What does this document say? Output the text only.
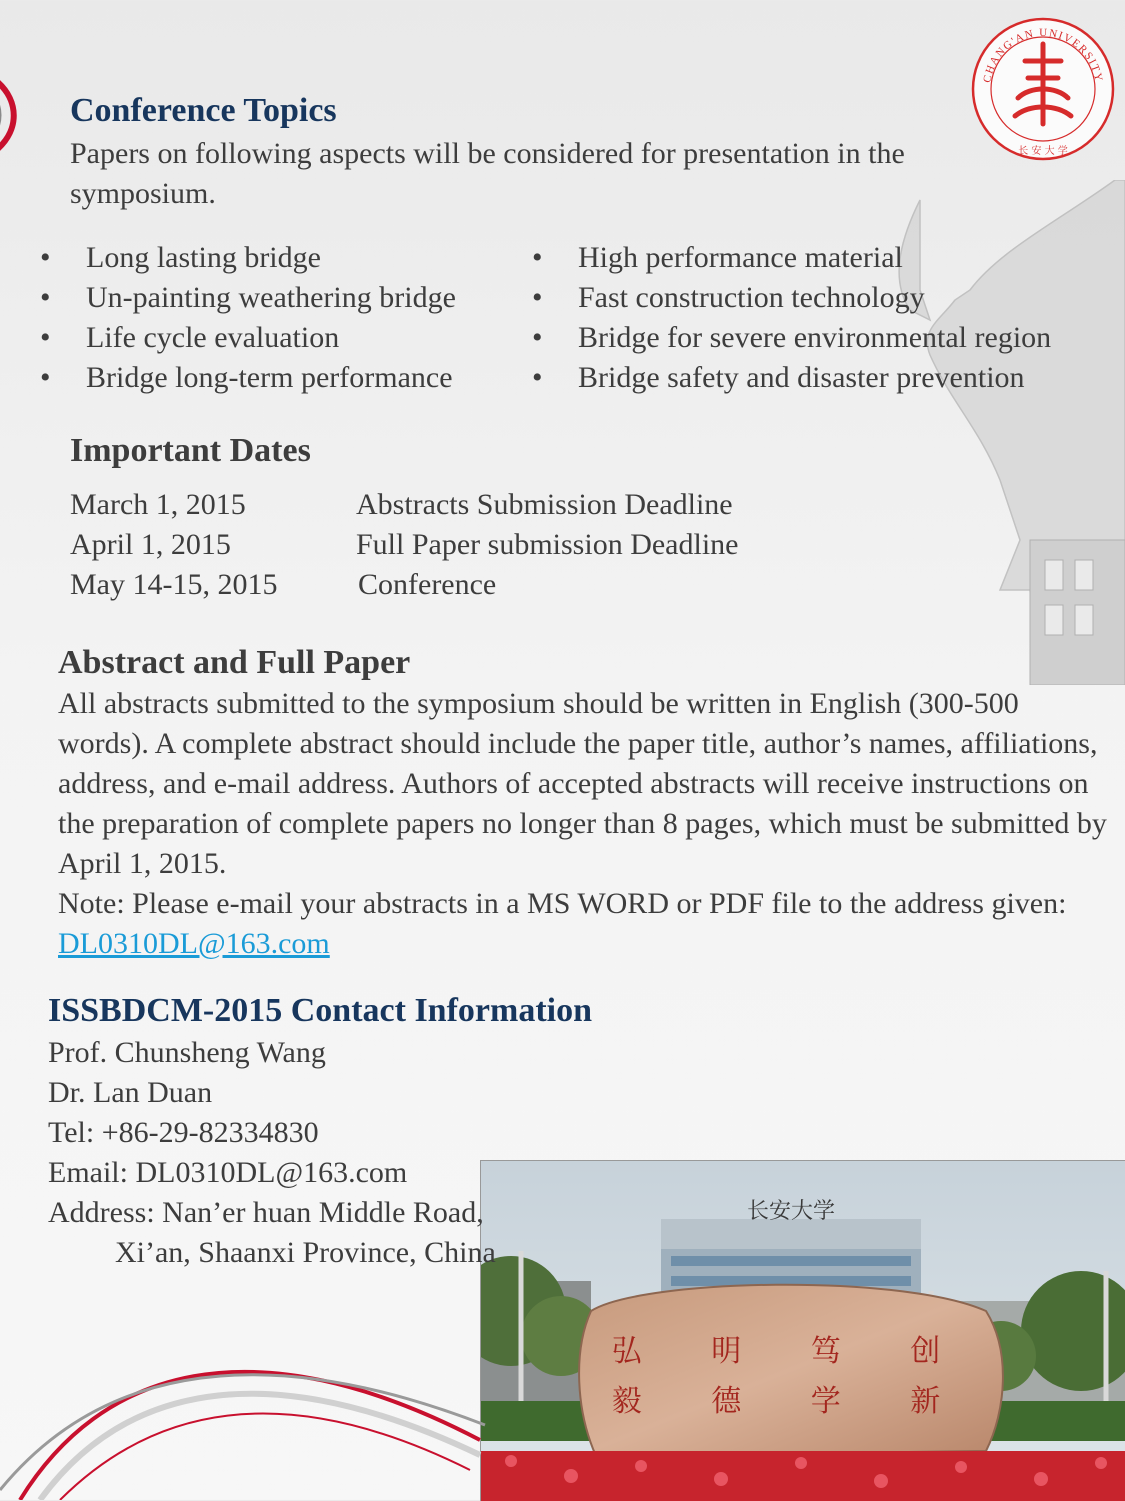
CHANG'AN UNIVERSITY
长 安 大 学
Conference Topics
Papers on following aspects will be considered for presentation in the symposium.
• Long lasting bridge
• Un-painting weathering bridge
• Life cycle evaluation
• Bridge long-term performance
• High performance material
• Fast construction technology
• Bridge for severe environmental region
• Bridge safety and disaster prevention
Important Dates
March 1, 2015	Abstracts Submission Deadline
April 1, 2015	Full Paper submission Deadline
May 14-15, 2015	Conference
Abstract and Full Paper
All abstracts submitted to the symposium should be written in English (300-500 words). A complete abstract should include the paper title, author’s names, affiliations, address, and e-mail address. Authors of accepted abstracts will receive instructions on the preparation of complete papers no longer than 8 pages, which must be submitted by April 1, 2015.
Note: Please e-mail your abstracts in a MS WORD or PDF file to the address given: DL0310DL@163.com
ISSBDCM-2015 Contact Information
Prof. Chunsheng Wang
Dr. Lan Duan
Tel: +86-29-82334830
Email: DL0310DL@163.com
长安大学
弘 明 笃 创
毅 德 学 新
Address: Nan’er huan Middle Road,
Xi’an, Shaanxi Province, China
